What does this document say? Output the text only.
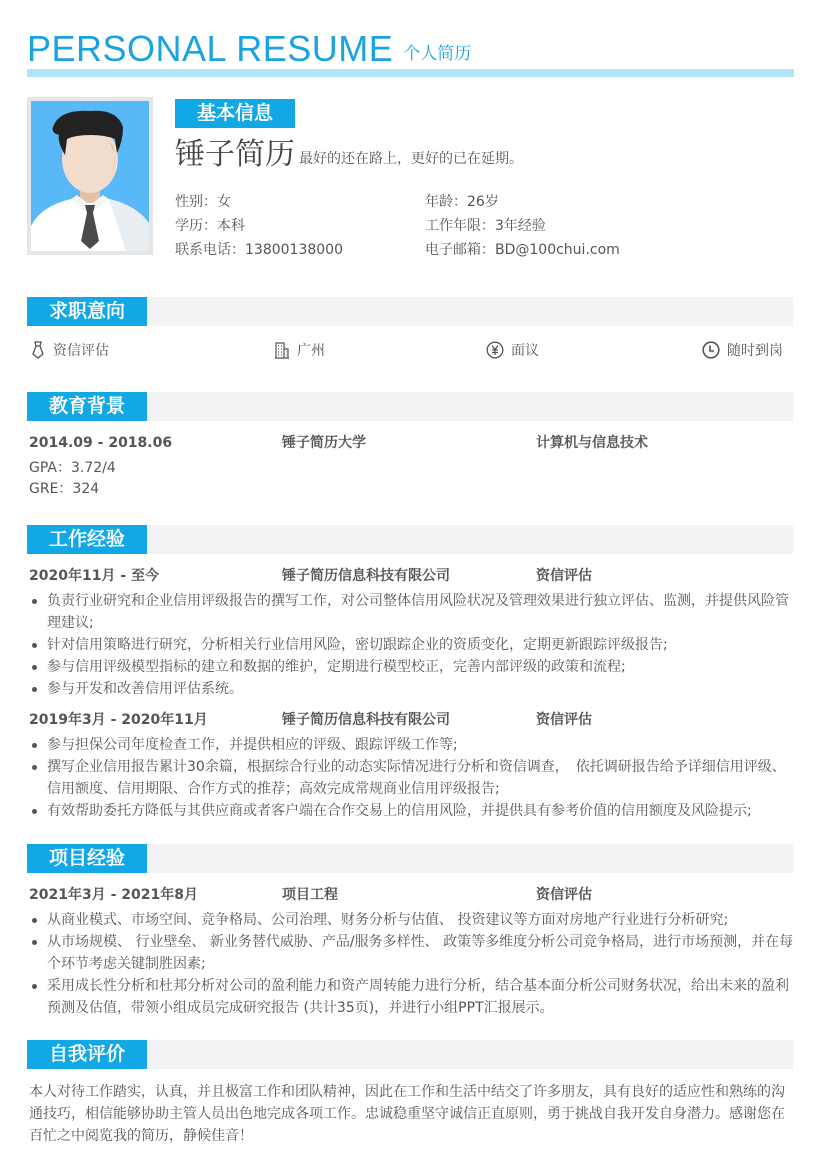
PERSONAL RESUME 个人简历
基本信息
锤子简历 最好的还在路上，更好的已在延期。
性别：女	年龄：26岁
学历：本科	工作年限：3年经验
联系电话：13800138000	电子邮箱：BD@100chui.com
求职意向
资信评估	广州	面议	随时到岗
教育背景
2014.09 - 2018.06	锤子简历大学	计算机与信息技术
GPA：3.72/4
GRE：324
工作经验
2020年11月 - 至今	锤子简历信息科技有限公司	资信评估
负责行业研究和企业信用评级报告的撰写工作，对公司整体信用风险状况及管理效果进行独立评估、监测，并提供风险管理建议;
针对信用策略进行研究，分析相关行业信用风险，密切跟踪企业的资质变化，定期更新跟踪评级报告;
参与信用评级模型指标的建立和数据的维护，定期进行模型校正，完善内部评级的政策和流程;
参与开发和改善信用评估系统。
2019年3月 - 2020年11月	锤子简历信息科技有限公司	资信评估
参与担保公司年度检查工作，并提供相应的评级、跟踪评级工作等;
撰写企业信用报告累计30余篇，根据综合行业的动态实际情况进行分析和资信调查，　依托调研报告给予详细信用评级、信用额度、信用期限、合作方式的推荐；高效完成常规商业信用评级报告;
有效帮助委托方降低与其供应商或者客户端在合作交易上的信用风险，并提供具有参考价值的信用额度及风险提示;
项目经验
2021年3月 - 2021年8月	项目工程	资信评估
从商业模式、市场空间、竞争格局、公司治理、财务分析与估值、 投资建议等方面对房地产行业进行分析研究;
从市场规模、 行业壁垒、 新业务替代威胁、产品/服务多样性、 政策等多维度分析公司竞争格局，进行市场预测，并在每个环节考虑关键制胜因素;
采用成长性分析和杜邦分析对公司的盈利能力和资产周转能力进行分析，结合基本面分析公司财务状况，给出未来的盈利预测及估值，带领小组成员完成研究报告 (共计35页)，并进行小组PPT汇报展示。
自我评价
本人对待工作踏实，认真，并且极富工作和团队精神，因此在工作和生活中结交了许多朋友，具有良好的适应性和熟练的沟通技巧，相信能够协助主管人员出色地完成各项工作。忠诚稳重坚守诚信正直原则，勇于挑战自我开发自身潜力。感谢您在百忙之中阅览我的简历，静候佳音！
